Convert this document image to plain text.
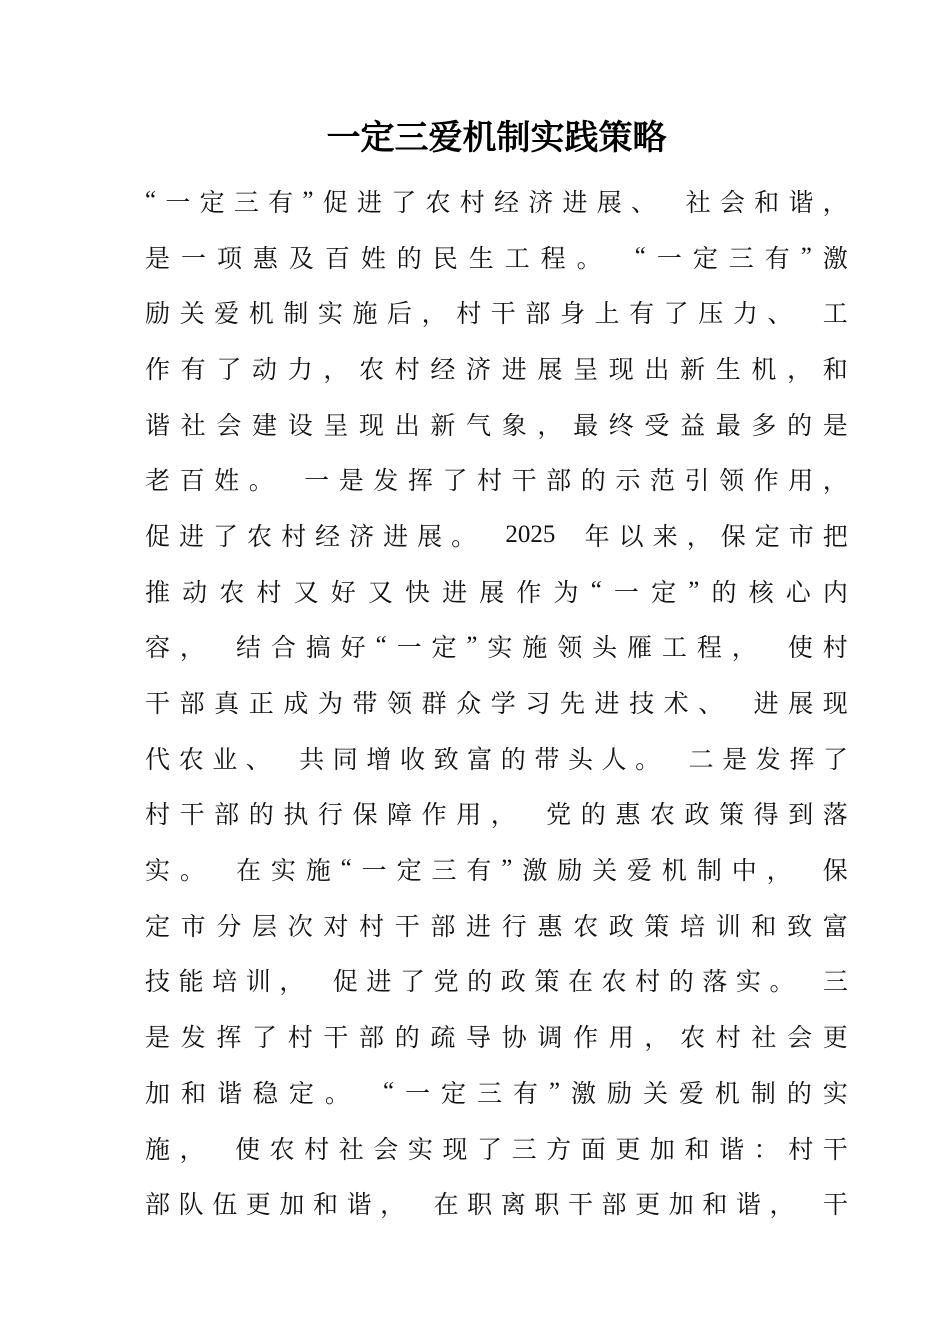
一定三爱机制实践策略
“ 一 定 三 有 ” 促 进 了 农 村 经 济 进 展 、 社 会 和 谐 ，
是 一 项 惠 及 百 姓 的 民 生 工 程 。 “ 一 定 三 有 ” 激
励 关 爱 机 制 实 施 后 ， 村 干 部 身 上 有 了 压 力 、 工
作 有 了 动 力 ， 农 村 经 济 进 展 呈 现 出 新 生 机 ， 和
谐 社 会 建 设 呈 现 出 新 气 象 ， 最 终 受 益 最 多 的 是
老 百 姓 。 一 是 发 挥 了 村 干 部 的 示 范 引 领 作 用 ，
促 进 了 农 村 经 济 进 展 。 2025 年 以 来 ， 保 定 市 把
推 动 农 村 又 好 又 快 进 展 作 为 “ 一 定 ” 的 核 心 内
容 ， 结 合 搞 好 “ 一 定 ” 实 施 领 头 雁 工 程 ， 使 村
干 部 真 正 成 为 带 领 群 众 学 习 先 进 技 术 、 进 展 现
代 农 业 、 共 同 增 收 致 富 的 带 头 人 。 二 是 发 挥 了
村 干 部 的 执 行 保 障 作 用 ， 党 的 惠 农 政 策 得 到 落
实 。 在 实 施 “ 一 定 三 有 ” 激 励 关 爱 机 制 中 ， 保
定 市 分 层 次 对 村 干 部 进 行 惠 农 政 策 培 训 和 致 富
技 能 培 训 ， 促 进 了 党 的 政 策 在 农 村 的 落 实 。 三
是 发 挥 了 村 干 部 的 疏 导 协 调 作 用 ， 农 村 社 会 更
加 和 谐 稳 定 。 “ 一 定 三 有 ” 激 励 关 爱 机 制 的 实
施 ， 使 农 村 社 会 实 现 了 三 方 面 更 加 和 谐 ： 村 干
部 队 伍 更 加 和 谐 ， 在 职 离 职 干 部 更 加 和 谐 ， 干
